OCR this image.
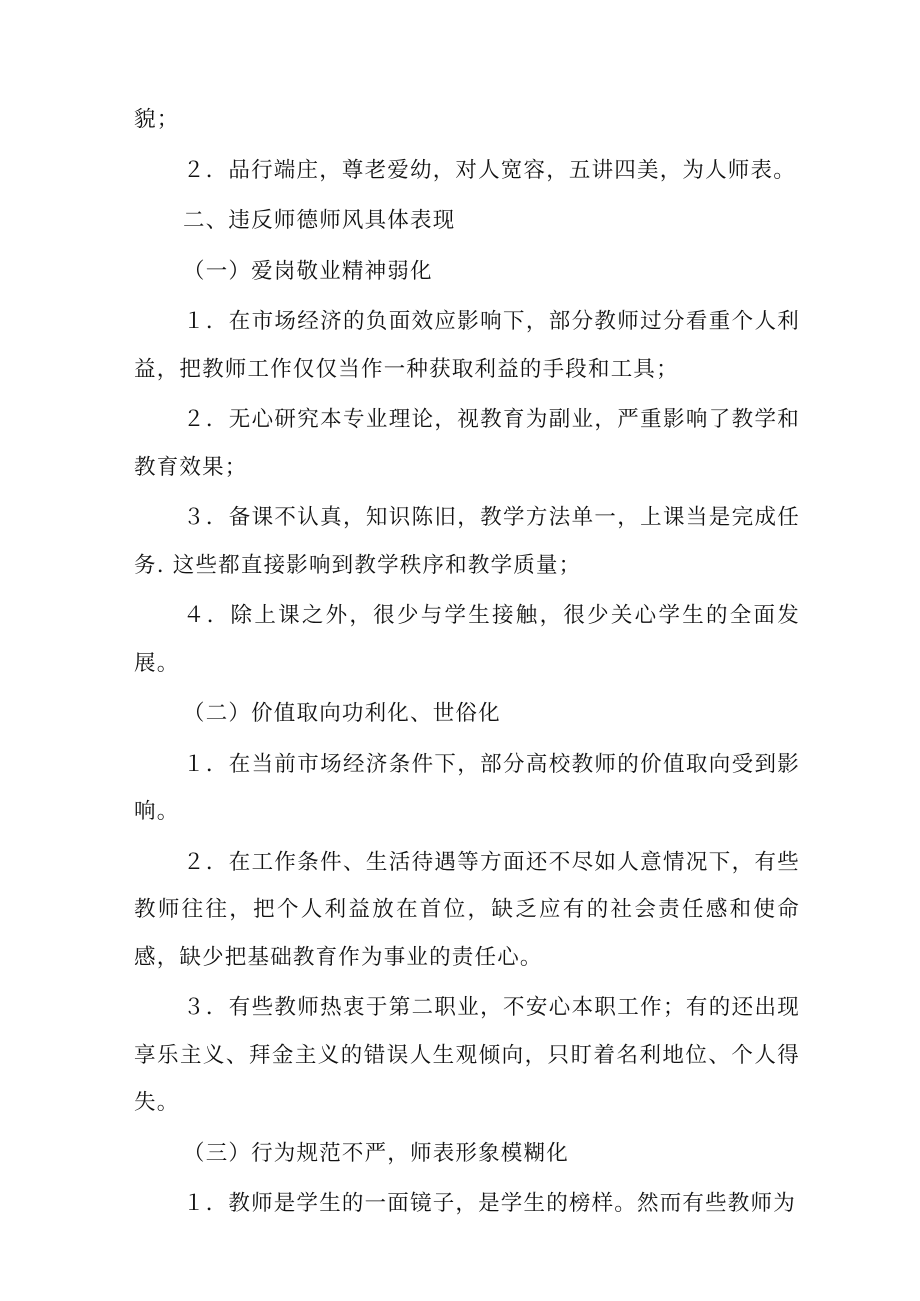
貌；

２．品行端庄，尊老爱幼，对人宽容，五讲四美，为人师表。

二、违反师德师风具体表现

（一）爱岗敬业精神弱化

１．在市场经济的负面效应影响下，部分教师过分看重个人利益，把教师工作仅仅当作一种获取利益的手段和工具；

２．无心研究本专业理论，视教育为副业，严重影响了教学和教育效果；

３．备课不认真，知识陈旧，教学方法单一，上课当是完成任务. 这些都直接影响到教学秩序和教学质量；

４．除上课之外，很少与学生接触，很少关心学生的全面发展。

（二）价值取向功利化、世俗化

１．在当前市场经济条件下，部分高校教师的价值取向受到影响。

２．在工作条件、生活待遇等方面还不尽如人意情况下，有些教师往往，把个人利益放在首位，缺乏应有的社会责任感和使命感，缺少把基础教育作为事业的责任心。

３．有些教师热衷于第二职业，不安心本职工作；有的还出现享乐主义、拜金主义的错误人生观倾向，只盯着名利地位、个人得失。

（三）行为规范不严，师表形象模糊化

１．教师是学生的一面镜子，是学生的榜样。然而有些教师为
